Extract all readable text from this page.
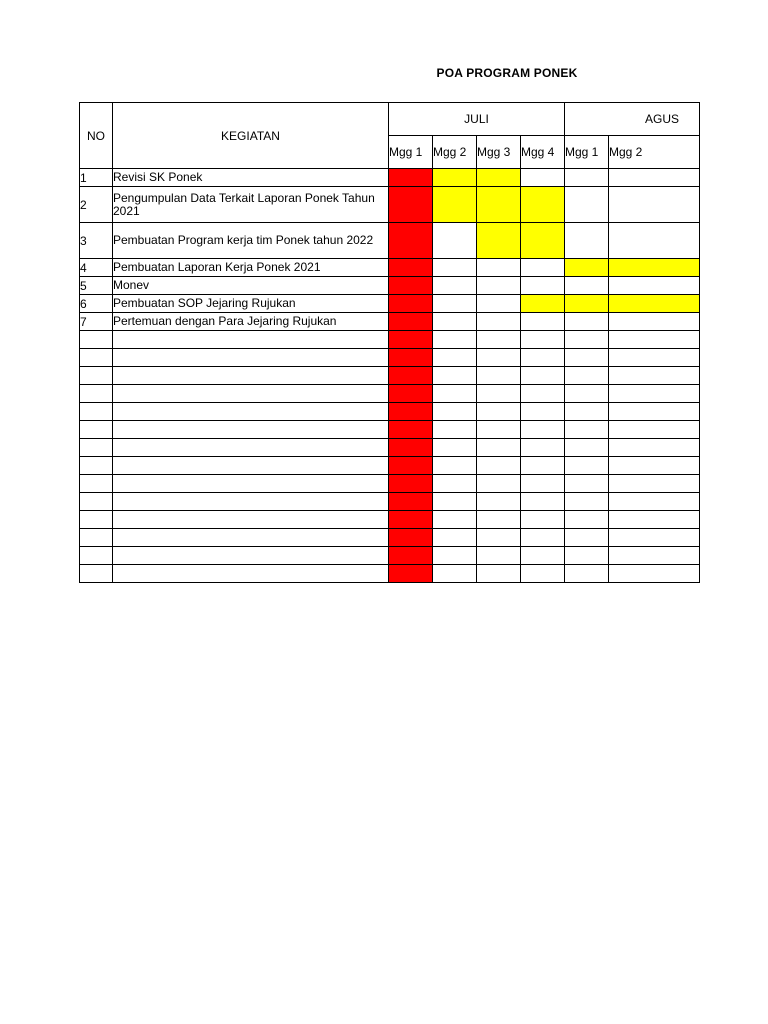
POA PROGRAM PONEK
NO	KEGIATAN	JULI				AGUS		
		Mgg 1	Mgg 2	Mgg 3	Mgg 4	Mgg 1	Mgg 2	
1	Revisi SK Ponek							
2	Pengumpulan Data Terkait Laporan Ponek Tahun 2021							
3	Pembuatan Program kerja tim Ponek tahun 2022							
4	Pembuatan Laporan Kerja Ponek 2021							
5	Monev							
6	Pembuatan SOP Jejaring Rujukan							
7	Pertemuan dengan Para Jejaring Rujukan							
